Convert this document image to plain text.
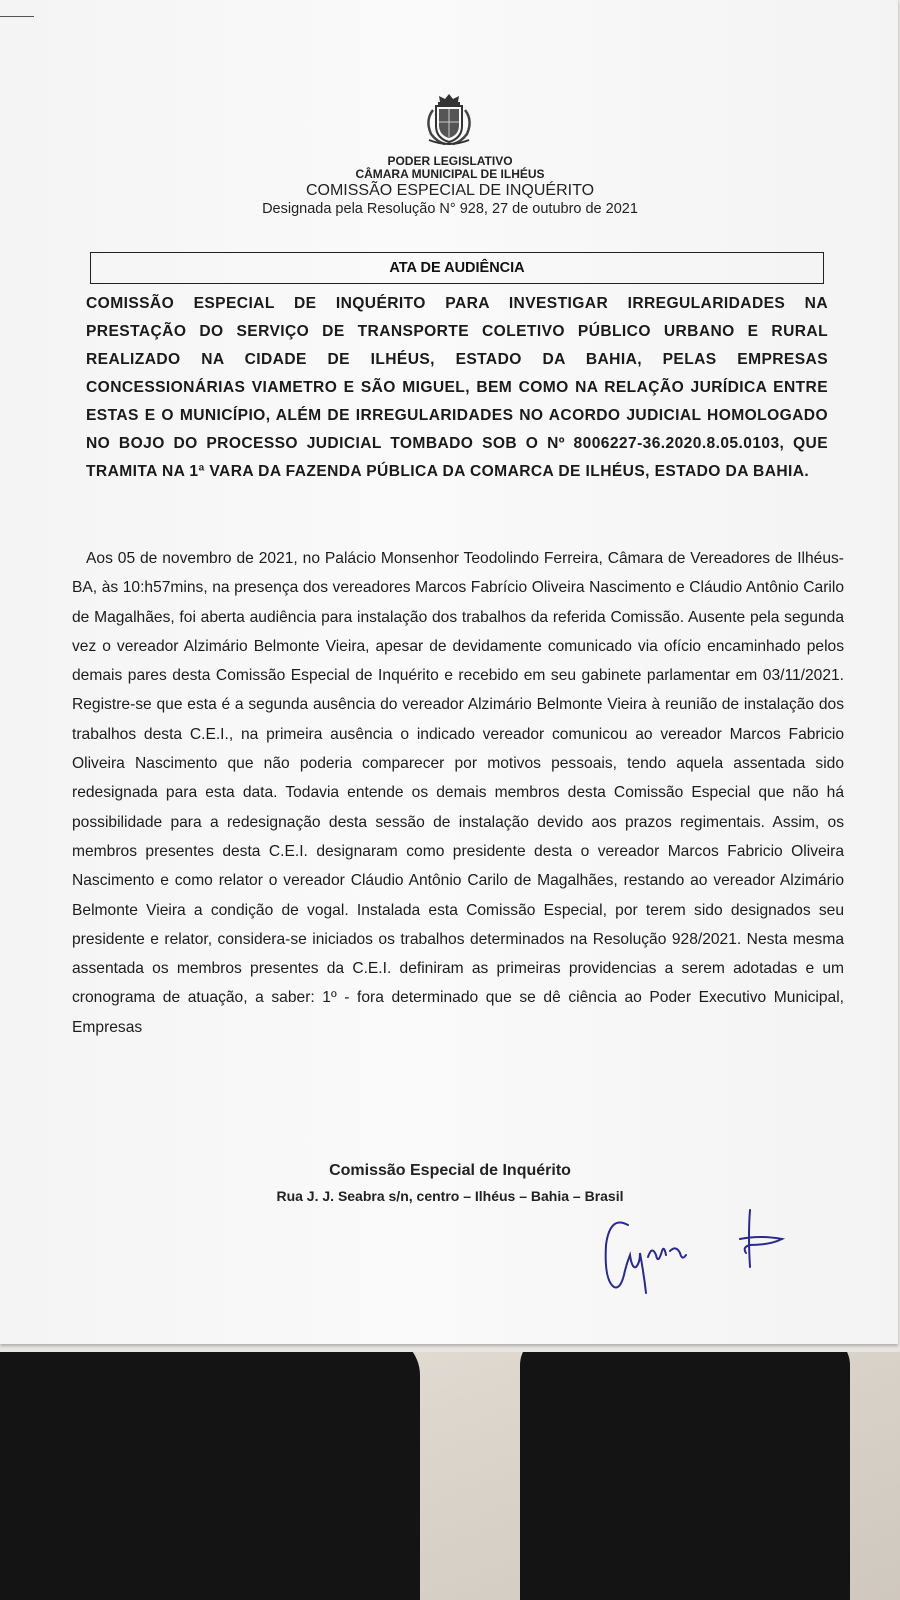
PODER LEGISLATIVO
CÂMARA MUNICIPAL DE ILHÉUS
COMISSÃO ESPECIAL DE INQUÉRITO
Designada pela Resolução N° 928, 27 de outubro de 2021
ATA DE AUDIÊNCIA
COMISSÃO ESPECIAL DE INQUÉRITO PARA INVESTIGAR IRREGULARIDADES NA PRESTAÇÃO DO SERVIÇO DE TRANSPORTE COLETIVO PÚBLICO URBANO E RURAL REALIZADO NA CIDADE DE ILHÉUS, ESTADO DA BAHIA, PELAS EMPRESAS CONCESSIONÁRIAS VIAMETRO E SÃO MIGUEL, BEM COMO NA RELAÇÃO JURÍDICA ENTRE ESTAS E O MUNICÍPIO, ALÉM DE IRREGULARIDADES NO ACORDO JUDICIAL HOMOLOGADO NO BOJO DO PROCESSO JUDICIAL TOMBADO SOB O Nº 8006227-36.2020.8.05.0103, QUE TRAMITA NA 1ª VARA DA FAZENDA PÚBLICA DA COMARCA DE ILHÉUS, ESTADO DA BAHIA.
Aos 05 de novembro de 2021, no Palácio Monsenhor Teodolindo Ferreira, Câmara de Vereadores de Ilhéus-BA, às 10:h57mins, na presença dos vereadores Marcos Fabrício Oliveira Nascimento e Cláudio Antônio Carilo de Magalhães, foi aberta audiência para instalação dos trabalhos da referida Comissão. Ausente pela segunda vez o vereador Alzimário Belmonte Vieira, apesar de devidamente comunicado via ofício encaminhado pelos demais pares desta Comissão Especial de Inquérito e recebido em seu gabinete parlamentar em 03/11/2021. Registre-se que esta é a segunda ausência do vereador Alzimário Belmonte Vieira à reunião de instalação dos trabalhos desta C.E.I., na primeira ausência o indicado vereador comunicou ao vereador Marcos Fabricio Oliveira Nascimento que não poderia comparecer por motivos pessoais, tendo aquela assentada sido redesignada para esta data. Todavia entende os demais membros desta Comissão Especial que não há possibilidade para a redesignação desta sessão de instalação devido aos prazos regimentais. Assim, os membros presentes desta C.E.I. designaram como presidente desta o vereador Marcos Fabricio Oliveira Nascimento e como relator o vereador Cláudio Antônio Carilo de Magalhães, restando ao vereador Alzimário Belmonte Vieira a condição de vogal. Instalada esta Comissão Especial, por terem sido designados seu presidente e relator, considera-se iniciados os trabalhos determinados na Resolução 928/2021. Nesta mesma assentada os membros presentes da C.E.I. definiram as primeiras providencias a serem adotadas e um cronograma de atuação, a saber: 1º - fora determinado que se dê ciência ao Poder Executivo Municipal, Empresas
Comissão Especial de Inquérito
Rua J. J. Seabra s/n, centro – Ilhéus – Bahia – Brasil
